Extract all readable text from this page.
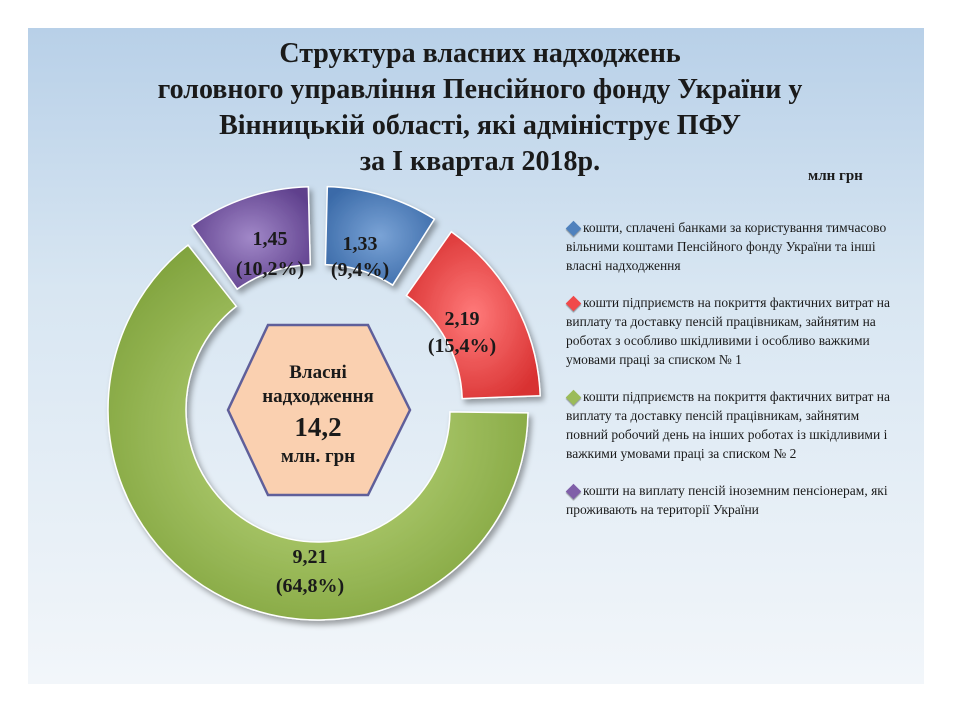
Структура власних надходжень
головного управління Пенсійного фонду України у
Вінницькій області, які адмініструє ПФУ
за I квартал 2018р.	млн грн
1,33
(9,4%)
2,19
(15,4%)
9,21
(64,8%)
1,45
(10,2%)
Власні
надходження
14,2
млн. грн
кошти, сплачені банками за користування тимчасово вільними коштами Пенсійного фонду України та інші власні надходження
кошти підприємств на покриття фактичних витрат на виплату та доставку пенсій працівникам, зайнятим на роботах з особливо шкідливими і особливо важкими умовами праці за списком № 1
кошти підприємств на покриття фактичних витрат на виплату та доставку пенсій працівникам, зайнятим повний робочий день на інших роботах із шкідливими і важкими умовами праці за списком № 2
кошти на виплату пенсій іноземним пенсіонерам, які проживають на території України
